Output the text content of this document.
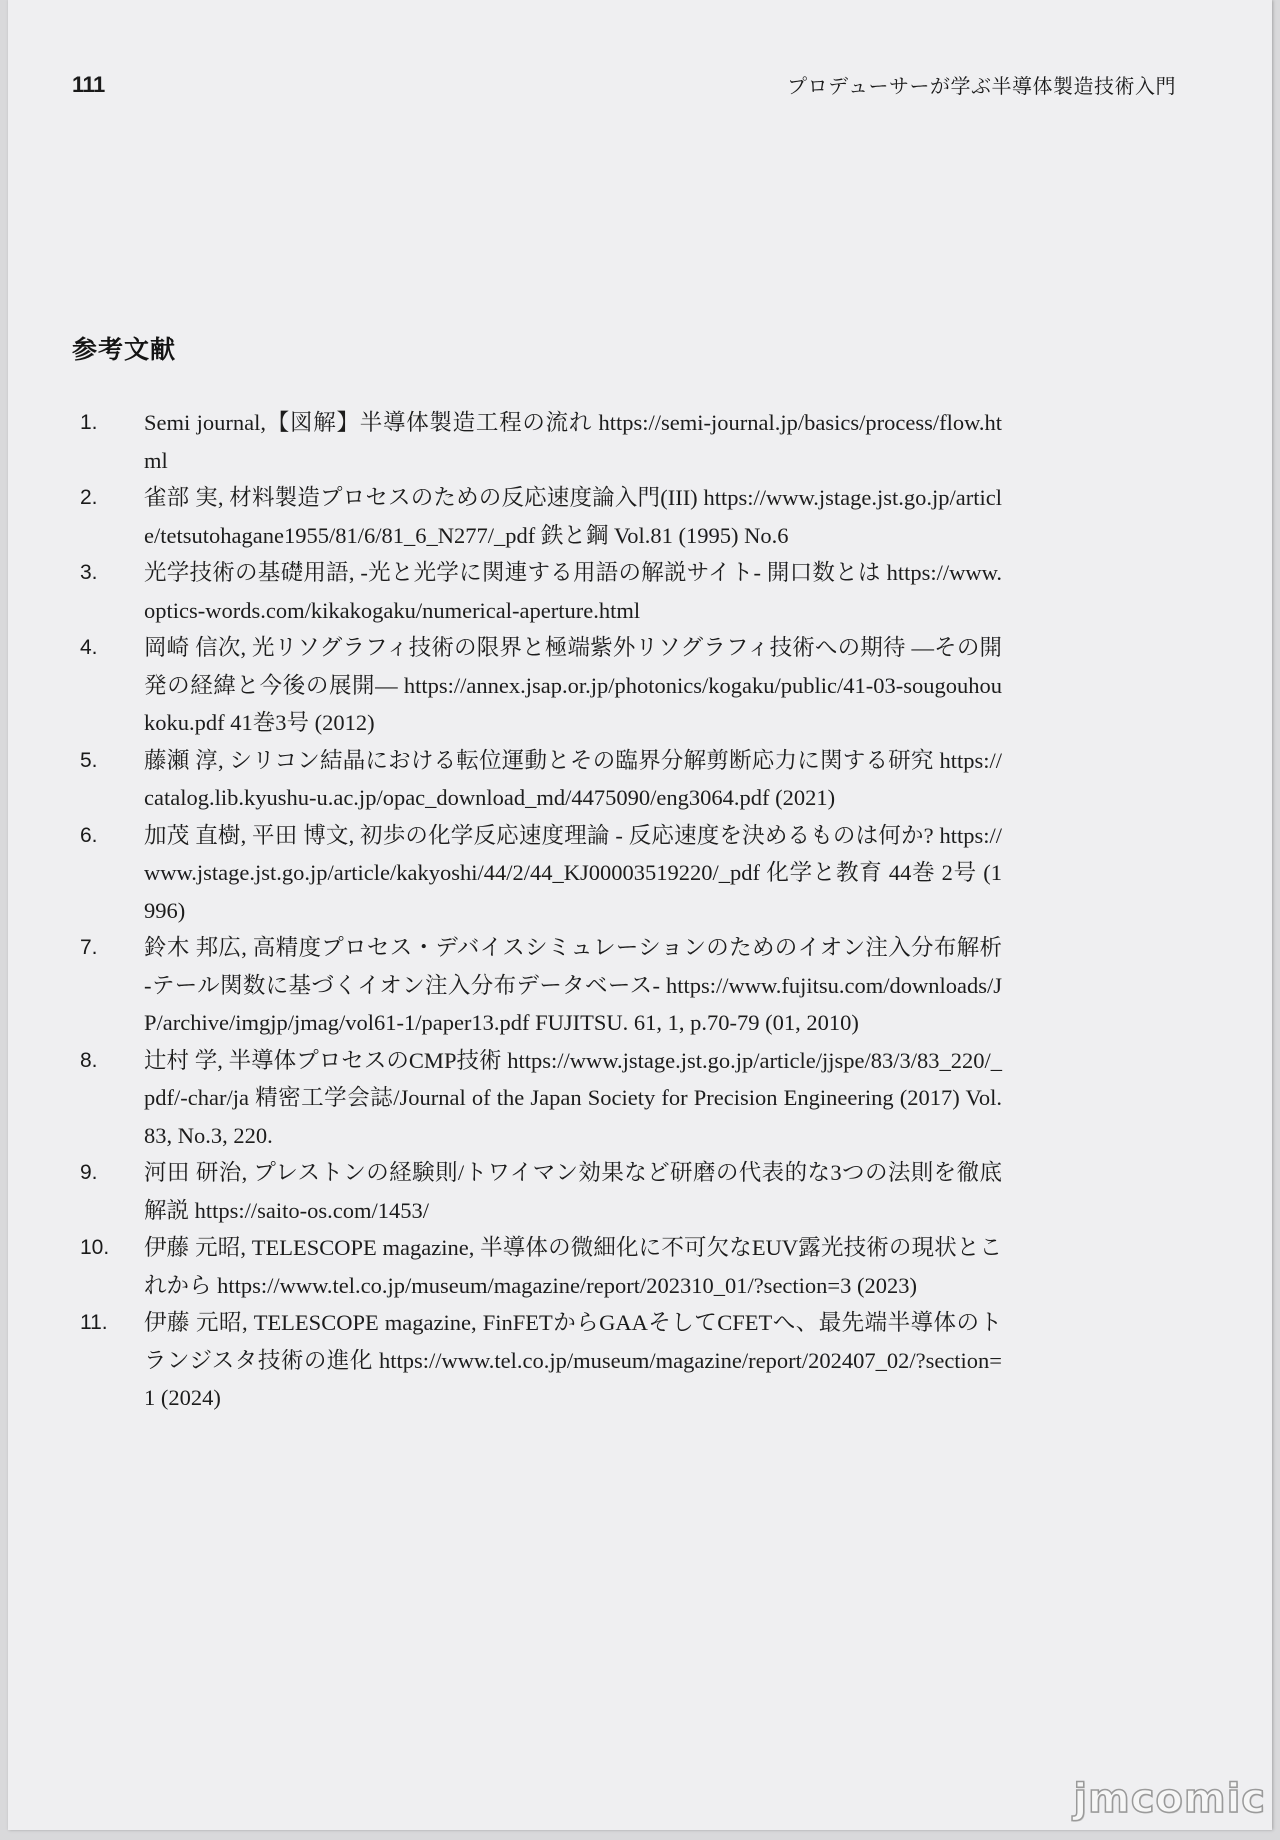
111	プロデューサーが学ぶ半導体製造技術入門
参考文献
1. Semi journal,【図解】半導体製造工程の流れ https://semi-journal.jp/basics/process/flow.html
2. 雀部 実, 材料製造プロセスのための反応速度論入門(III) https://www.jstage.jst.go.jp/article/tetsutohagane1955/81/6/81_6_N277/_pdf 鉄と鋼 Vol.81 (1995) No.6
3. 光学技術の基礎用語, -光と光学に関連する用語の解説サイト- 開口数とは https://www.optics-words.com/kikakogaku/numerical-aperture.html
4. 岡崎 信次, 光リソグラフィ技術の限界と極端紫外リソグラフィ技術への期待 —その開発の経緯と今後の展開— https://annex.jsap.or.jp/photonics/kogaku/public/41-03-sougouhoukoku.pdf 41巻3号 (2012)
5. 藤瀬 淳, シリコン結晶における転位運動とその臨界分解剪断応力に関する研究 https://catalog.lib.kyushu-u.ac.jp/opac_download_md/4475090/eng3064.pdf (2021)
6. 加茂 直樹, 平田 博文, 初歩の化学反応速度理論 - 反応速度を決めるものは何か? https://www.jstage.jst.go.jp/article/kakyoshi/44/2/44_KJ00003519220/_pdf 化学と教育 44巻 2号 (1996)
7. 鈴木 邦広, 高精度プロセス・デバイスシミュレーションのためのイオン注入分布解析 -テール関数に基づくイオン注入分布データベース- https://www.fujitsu.com/downloads/JP/archive/imgjp/jmag/vol61-1/paper13.pdf FUJITSU. 61, 1, p.70-79 (01, 2010)
8. 辻村 学, 半導体プロセスのCMP技術 https://www.jstage.jst.go.jp/article/jjspe/83/3/83_220/_pdf/-char/ja 精密工学会誌/Journal of the Japan Society for Precision Engineering (2017) Vol.83, No.3, 220.
9. 河田 研治, プレストンの経験則/トワイマン効果など研磨の代表的な3つの法則を徹底解説 https://saito-os.com/1453/
10. 伊藤 元昭, TELESCOPE magazine, 半導体の微細化に不可欠なEUV露光技術の現状とこれから https://www.tel.co.jp/museum/magazine/report/202310_01/?section=3 (2023)
11. 伊藤 元昭, TELESCOPE magazine, FinFETからGAAそしてCFETへ、最先端半導体のトランジスタ技術の進化 https://www.tel.co.jp/museum/magazine/report/202407_02/?section=1 (2024)
jmcomic
